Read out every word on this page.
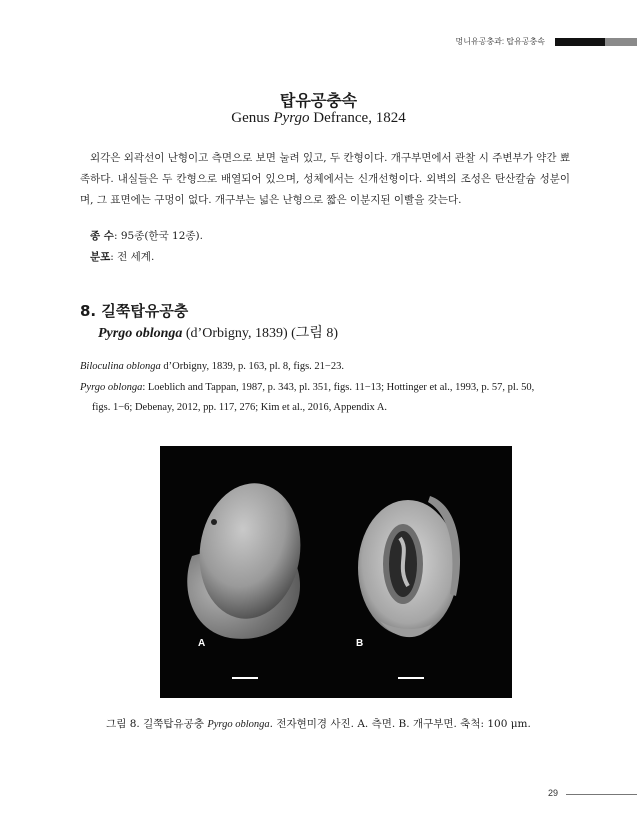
멍니유공충과: 탑유공충속
탑유공충속
Genus Pyrgo Defrance, 1824
외각은 외곽선이 난형이고 측면으로 보면 눌려 있고, 두 칸형이다. 개구부면에서 관찰 시 주변부가 약간 뾰족하다. 내실들은 두 칸형으로 배열되어 있으며, 성체에서는 신개선형이다. 외벽의 조성은 탄산칼슘 성분이며, 그 표면에는 구멍이 없다. 개구부는 넓은 난형으로 짧은 이분지된 이빨을 갖는다.
종 수: 95종(한국 12종).
분포: 전 세계.
8. 길쭉탑유공충
Pyrgo oblonga (d’Orbigny, 1839) (그림 8)
Biloculina oblonga d’Orbigny, 1839, p. 163, pl. 8, figs. 21−23.
Pyrgo oblonga: Loeblich and Tappan, 1987, p. 343, pl. 351, figs. 11−13; Hottinger et al., 1993, p. 57, pl. 50,
figs. 1−6; Debenay, 2012, pp. 117, 276; Kim et al., 2016, Appendix A.
A	B
그림 8. 길쭉탑유공충 Pyrgo oblonga. 전자현미경 사진. A. 측면. B. 개구부면. 축척: 100 μm.
29
